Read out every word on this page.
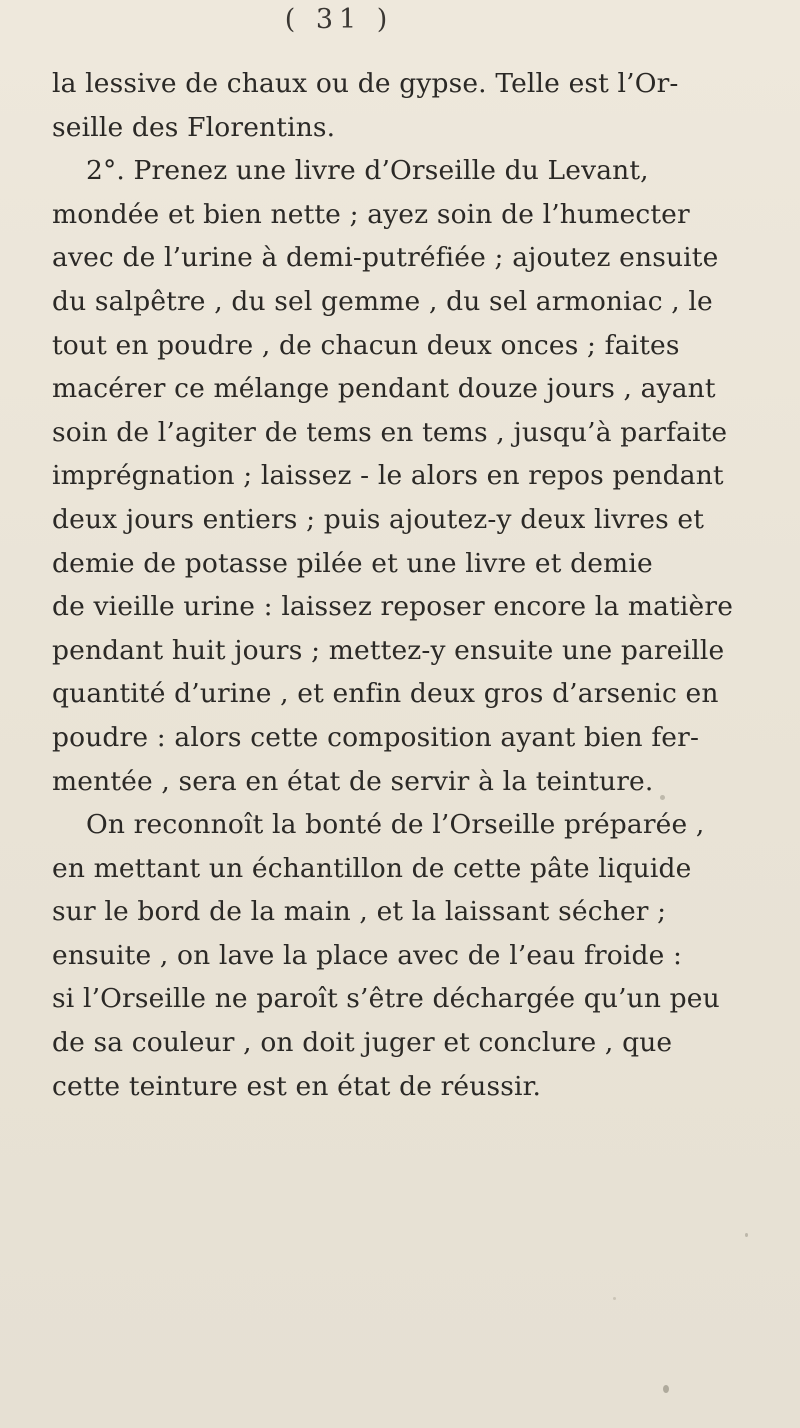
( 31 )

la lessive de chaux ou de gypse. Telle est l’Or-
seille des Florentins.
2°. Prenez une livre d’Orseille du Levant,
mondée et bien nette ; ayez soin de l’humecter
avec de l’urine à demi-putréfiée ; ajoutez ensuite
du salpêtre , du sel gemme , du sel armoniac , le
tout en poudre , de chacun deux onces ; faites
macérer ce mélange pendant douze jours , ayant
soin de l’agiter de tems en tems , jusqu’à parfaite
imprégnation ; laissez - le alors en repos pendant
deux jours entiers ; puis ajoutez-y deux livres et
demie de potasse pilée et une livre et demie
de vieille urine : laissez reposer encore la matière
pendant huit jours ; mettez-y ensuite une pareille
quantité d’urine , et enfin deux gros d’arsenic en
poudre : alors cette composition ayant bien fer-
mentée , sera en état de servir à la teinture.
On reconnoît la bonté de l’Orseille préparée ,
en mettant un échantillon de cette pâte liquide
sur le bord de la main , et la laissant sécher ;
ensuite , on lave la place avec de l’eau froide :
si l’Orseille ne paroît s’être déchargée qu’un peu
de sa couleur , on doit juger et conclure , que
cette teinture est en état de réussir.
